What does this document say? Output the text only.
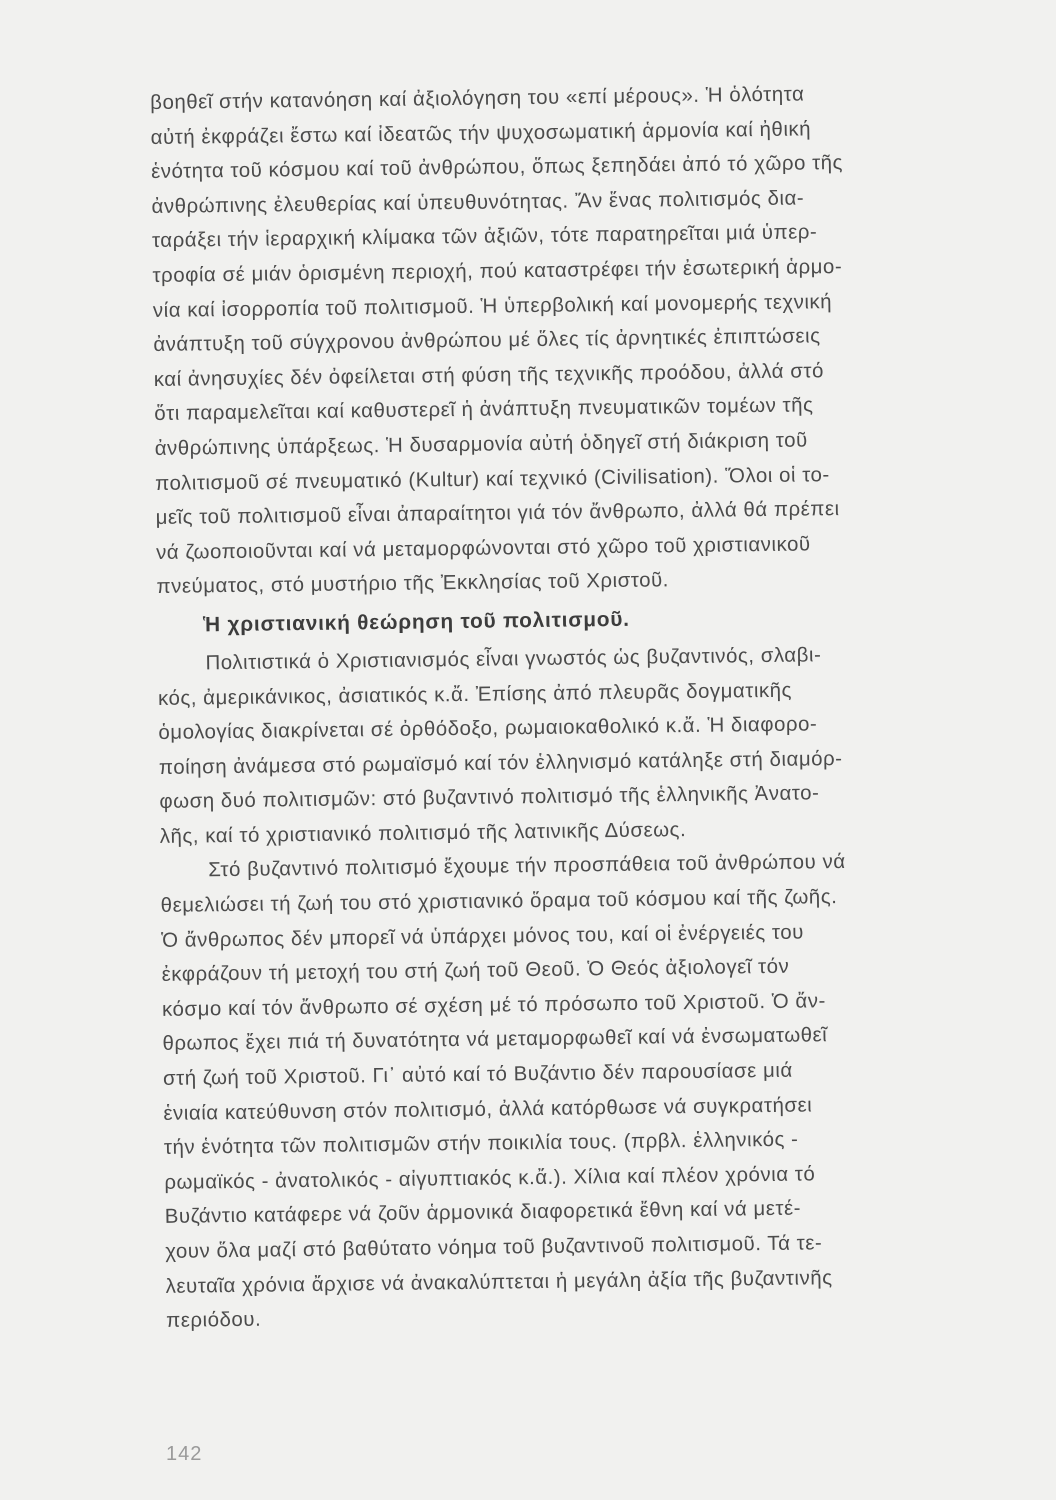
βοηθεῖ στήν κατανόηση καί ἀξιολόγηση του «επί μέρους». Ἡ ὁλότητα
αὐτή ἐκφράζει ἔστω καί ἰδεατῶς τήν ψυχοσωματική ἁρμονία καί ἠθική
ἑνότητα τοῦ κόσμου καί τοῦ ἀνθρώπου, ὅπως ξεπηδάει ἀπό τό χῶρο τῆς
ἀνθρώπινης ἐλευθερίας καί ὑπευθυνότητας. Ἄν ἕνας πολιτισμός δια-
ταράξει τήν ἱεραρχική κλίμακα τῶν ἀξιῶν, τότε παρατηρεῖται μιά ὑπερ-
τροφία σέ μιάν ὁρισμένη περιοχή, πού καταστρέφει τήν ἐσωτερική ἁρμο-
νία καί ἰσορροπία τοῦ πολιτισμοῦ. Ἡ ὑπερβολική καί μονομερής τεχνική
ἀνάπτυξη τοῦ σύγχρονου ἀνθρώπου μέ ὅλες τίς ἀρνητικές ἐπιπτώσεις
καί ἀνησυχίες δέν ὀφείλεται στή φύση τῆς τεχνικῆς προόδου, ἀλλά στό
ὅτι παραμελεῖται καί καθυστερεῖ ἡ ἀνάπτυξη πνευματικῶν τομέων τῆς
ἀνθρώπινης ὑπάρξεως. Ἡ δυσαρμονία αὐτή ὁδηγεῖ στή διάκριση τοῦ
πολιτισμοῦ σέ πνευματικό (Kultur) καί τεχνικό (Civilisation). Ὅλοι οἱ το-
μεῖς τοῦ πολιτισμοῦ εἶναι ἀπαραίτητοι γιά τόν ἄνθρωπο, ἀλλά θά πρέπει
νά ζωοποιοῦνται καί νά μεταμορφώνονται στό χῶρο τοῦ χριστιανικοῦ
πνεύματος, στό μυστήριο τῆς Ἐκκλησίας τοῦ Χριστοῦ.
Ἡ χριστιανική θεώρηση τοῦ πολιτισμοῦ.
Πολιτιστικά ὁ Χριστιανισμός εἶναι γνωστός ὡς βυζαντινός, σλαβι-
κός, ἀμερικάνικος, ἀσιατικός κ.ἄ. Ἐπίσης ἀπό πλευρᾶς δογματικῆς
ὁμολογίας διακρίνεται σέ ὀρθόδοξο, ρωμαιοκαθολικό κ.ἄ. Ἡ διαφορο-
ποίηση ἀνάμεσα στό ρωμαϊσμό καί τόν ἑλληνισμό κατάληξε στή διαμόρ-
φωση δυό πολιτισμῶν: στό βυζαντινό πολιτισμό τῆς ἑλληνικῆς Ἀνατο-
λῆς, καί τό χριστιανικό πολιτισμό τῆς λατινικῆς Δύσεως.
Στό βυζαντινό πολιτισμό ἔχουμε τήν προσπάθεια τοῦ ἀνθρώπου νά
θεμελιώσει τή ζωή του στό χριστιανικό ὅραμα τοῦ κόσμου καί τῆς ζωῆς.
Ὁ ἄνθρωπος δέν μπορεῖ νά ὑπάρχει μόνος του, καί οἱ ἐνέργειές του
ἐκφράζουν τή μετοχή του στή ζωή τοῦ Θεοῦ. Ὁ Θεός ἀξιολογεῖ τόν
κόσμο καί τόν ἄνθρωπο σέ σχέση μέ τό πρόσωπο τοῦ Χριστοῦ. Ὁ ἄν-
θρωπος ἔχει πιά τή δυνατότητα νά μεταμορφωθεῖ καί νά ἐνσωματωθεῖ
στή ζωή τοῦ Χριστοῦ. Γι᾽ αὐτό καί τό Βυζάντιο δέν παρουσίασε μιά
ἑνιαία κατεύθυνση στόν πολιτισμό, ἀλλά κατόρθωσε νά συγκρατήσει
τήν ἑνότητα τῶν πολιτισμῶν στήν ποικιλία τους. (πρβλ. ἑλληνικός -
ρωμαϊκός - ἀνατολικός - αἰγυπτιακός κ.ἄ.). Χίλια καί πλέον χρόνια τό
Βυζάντιο κατάφερε νά ζοῦν ἁρμονικά διαφορετικά ἔθνη καί νά μετέ-
χουν ὅλα μαζί στό βαθύτατο νόημα τοῦ βυζαντινοῦ πολιτισμοῦ. Τά τε-
λευταῖα χρόνια ἄρχισε νά ἀνακαλύπτεται ἡ μεγάλη ἀξία τῆς βυζαντινῆς
περιόδου.
142
